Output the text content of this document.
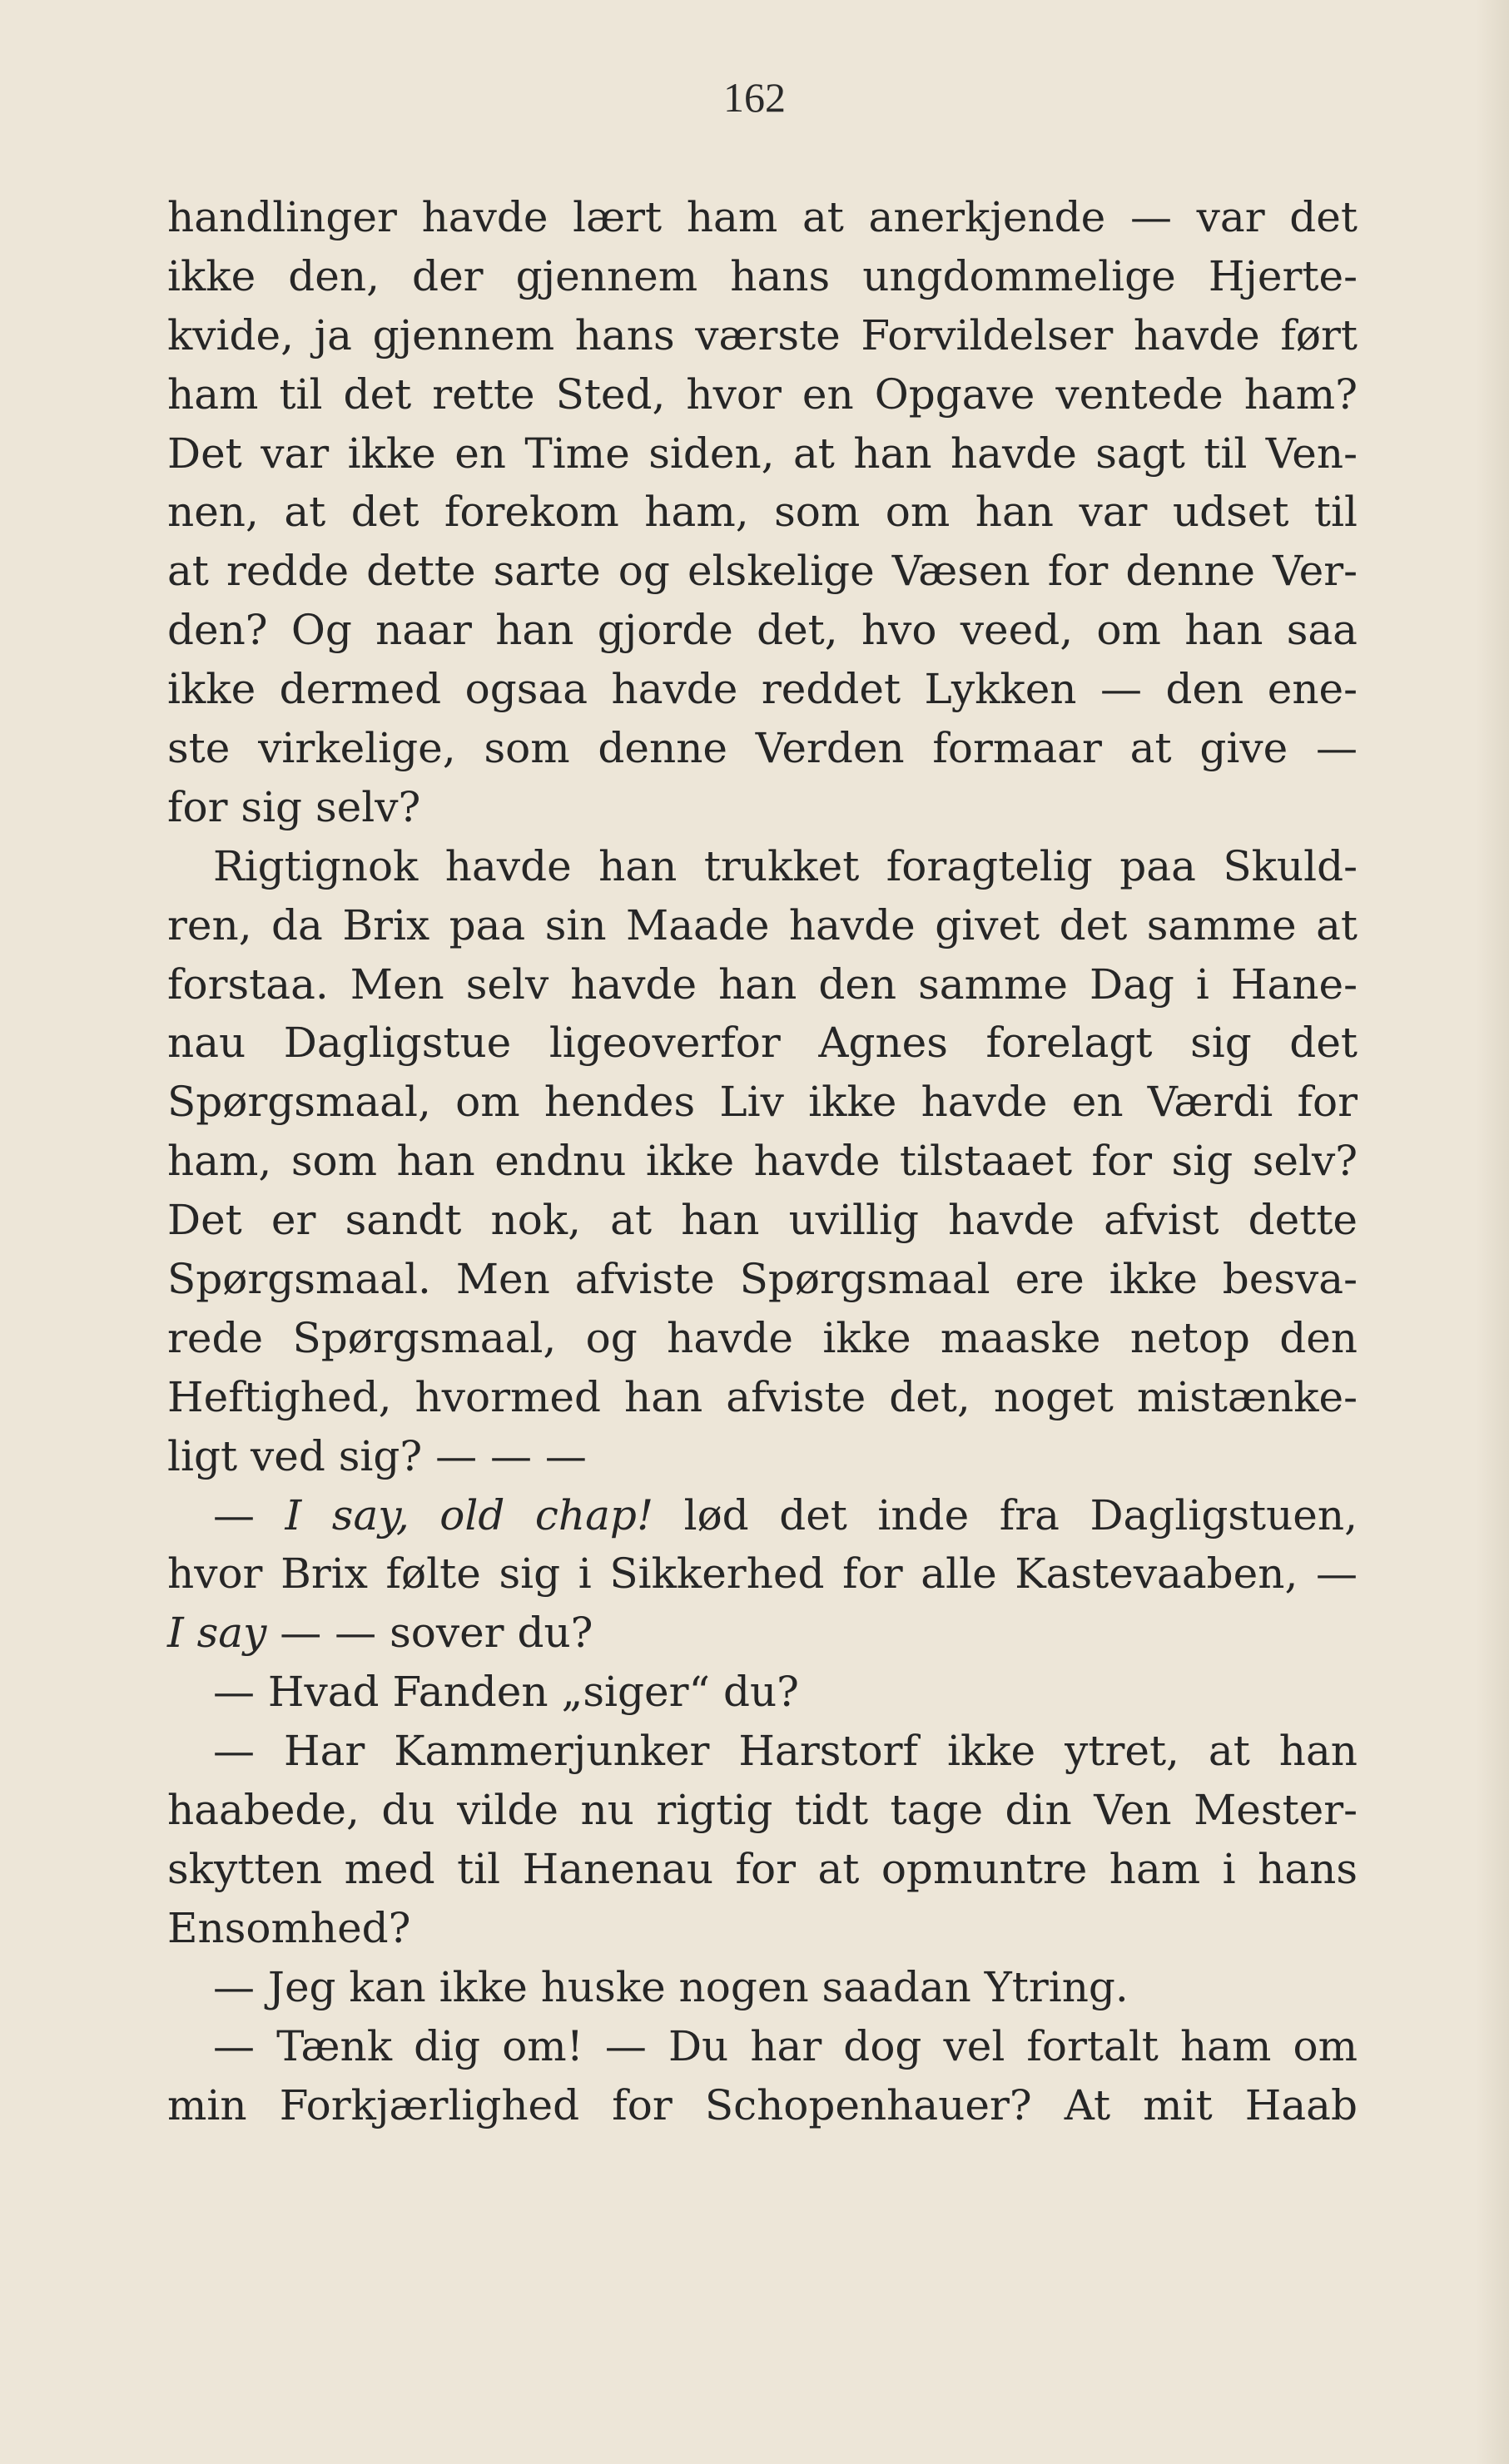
162
handlinger havde lært ham at anerkjende — var det
ikke den, der gjennem hans ungdommelige Hjerte-
kvide, ja gjennem hans værste Forvildelser havde ført
ham til det rette Sted, hvor en Opgave ventede ham?
Det var ikke en Time siden, at han havde sagt til Ven-
nen, at det forekom ham, som om han var udset til
at redde dette sarte og elskelige Væsen for denne Ver-
den? Og naar han gjorde det, hvo veed, om han saa
ikke dermed ogsaa havde reddet Lykken — den ene-
ste virkelige, som denne Verden formaar at give —
for sig selv?
Rigtignok havde han trukket foragtelig paa Skuld-
ren, da Brix paa sin Maade havde givet det samme at
forstaa. Men selv havde han den samme Dag i Hane-
nau Dagligstue ligeoverfor Agnes forelagt sig det
Spørgsmaal, om hendes Liv ikke havde en Værdi for
ham, som han endnu ikke havde tilstaaet for sig selv?
Det er sandt nok, at han uvillig havde afvist dette
Spørgsmaal. Men afviste Spørgsmaal ere ikke besva-
rede Spørgsmaal, og havde ikke maaske netop den
Heftighed, hvormed han afviste det, noget mistænke-
ligt ved sig? — — —
— I say, old chap! lød det inde fra Dagligstuen,
hvor Brix følte sig i Sikkerhed for alle Kastevaaben, —
I say — — sover du?
— Hvad Fanden „siger“ du?
— Har Kammerjunker Harstorf ikke ytret, at han
haabede, du vilde nu rigtig tidt tage din Ven Mester-
skytten med til Hanenau for at opmuntre ham i hans
Ensomhed?
— Jeg kan ikke huske nogen saadan Ytring.
— Tænk dig om! — Du har dog vel fortalt ham om
min Forkjærlighed for Schopenhauer? At mit Haab
